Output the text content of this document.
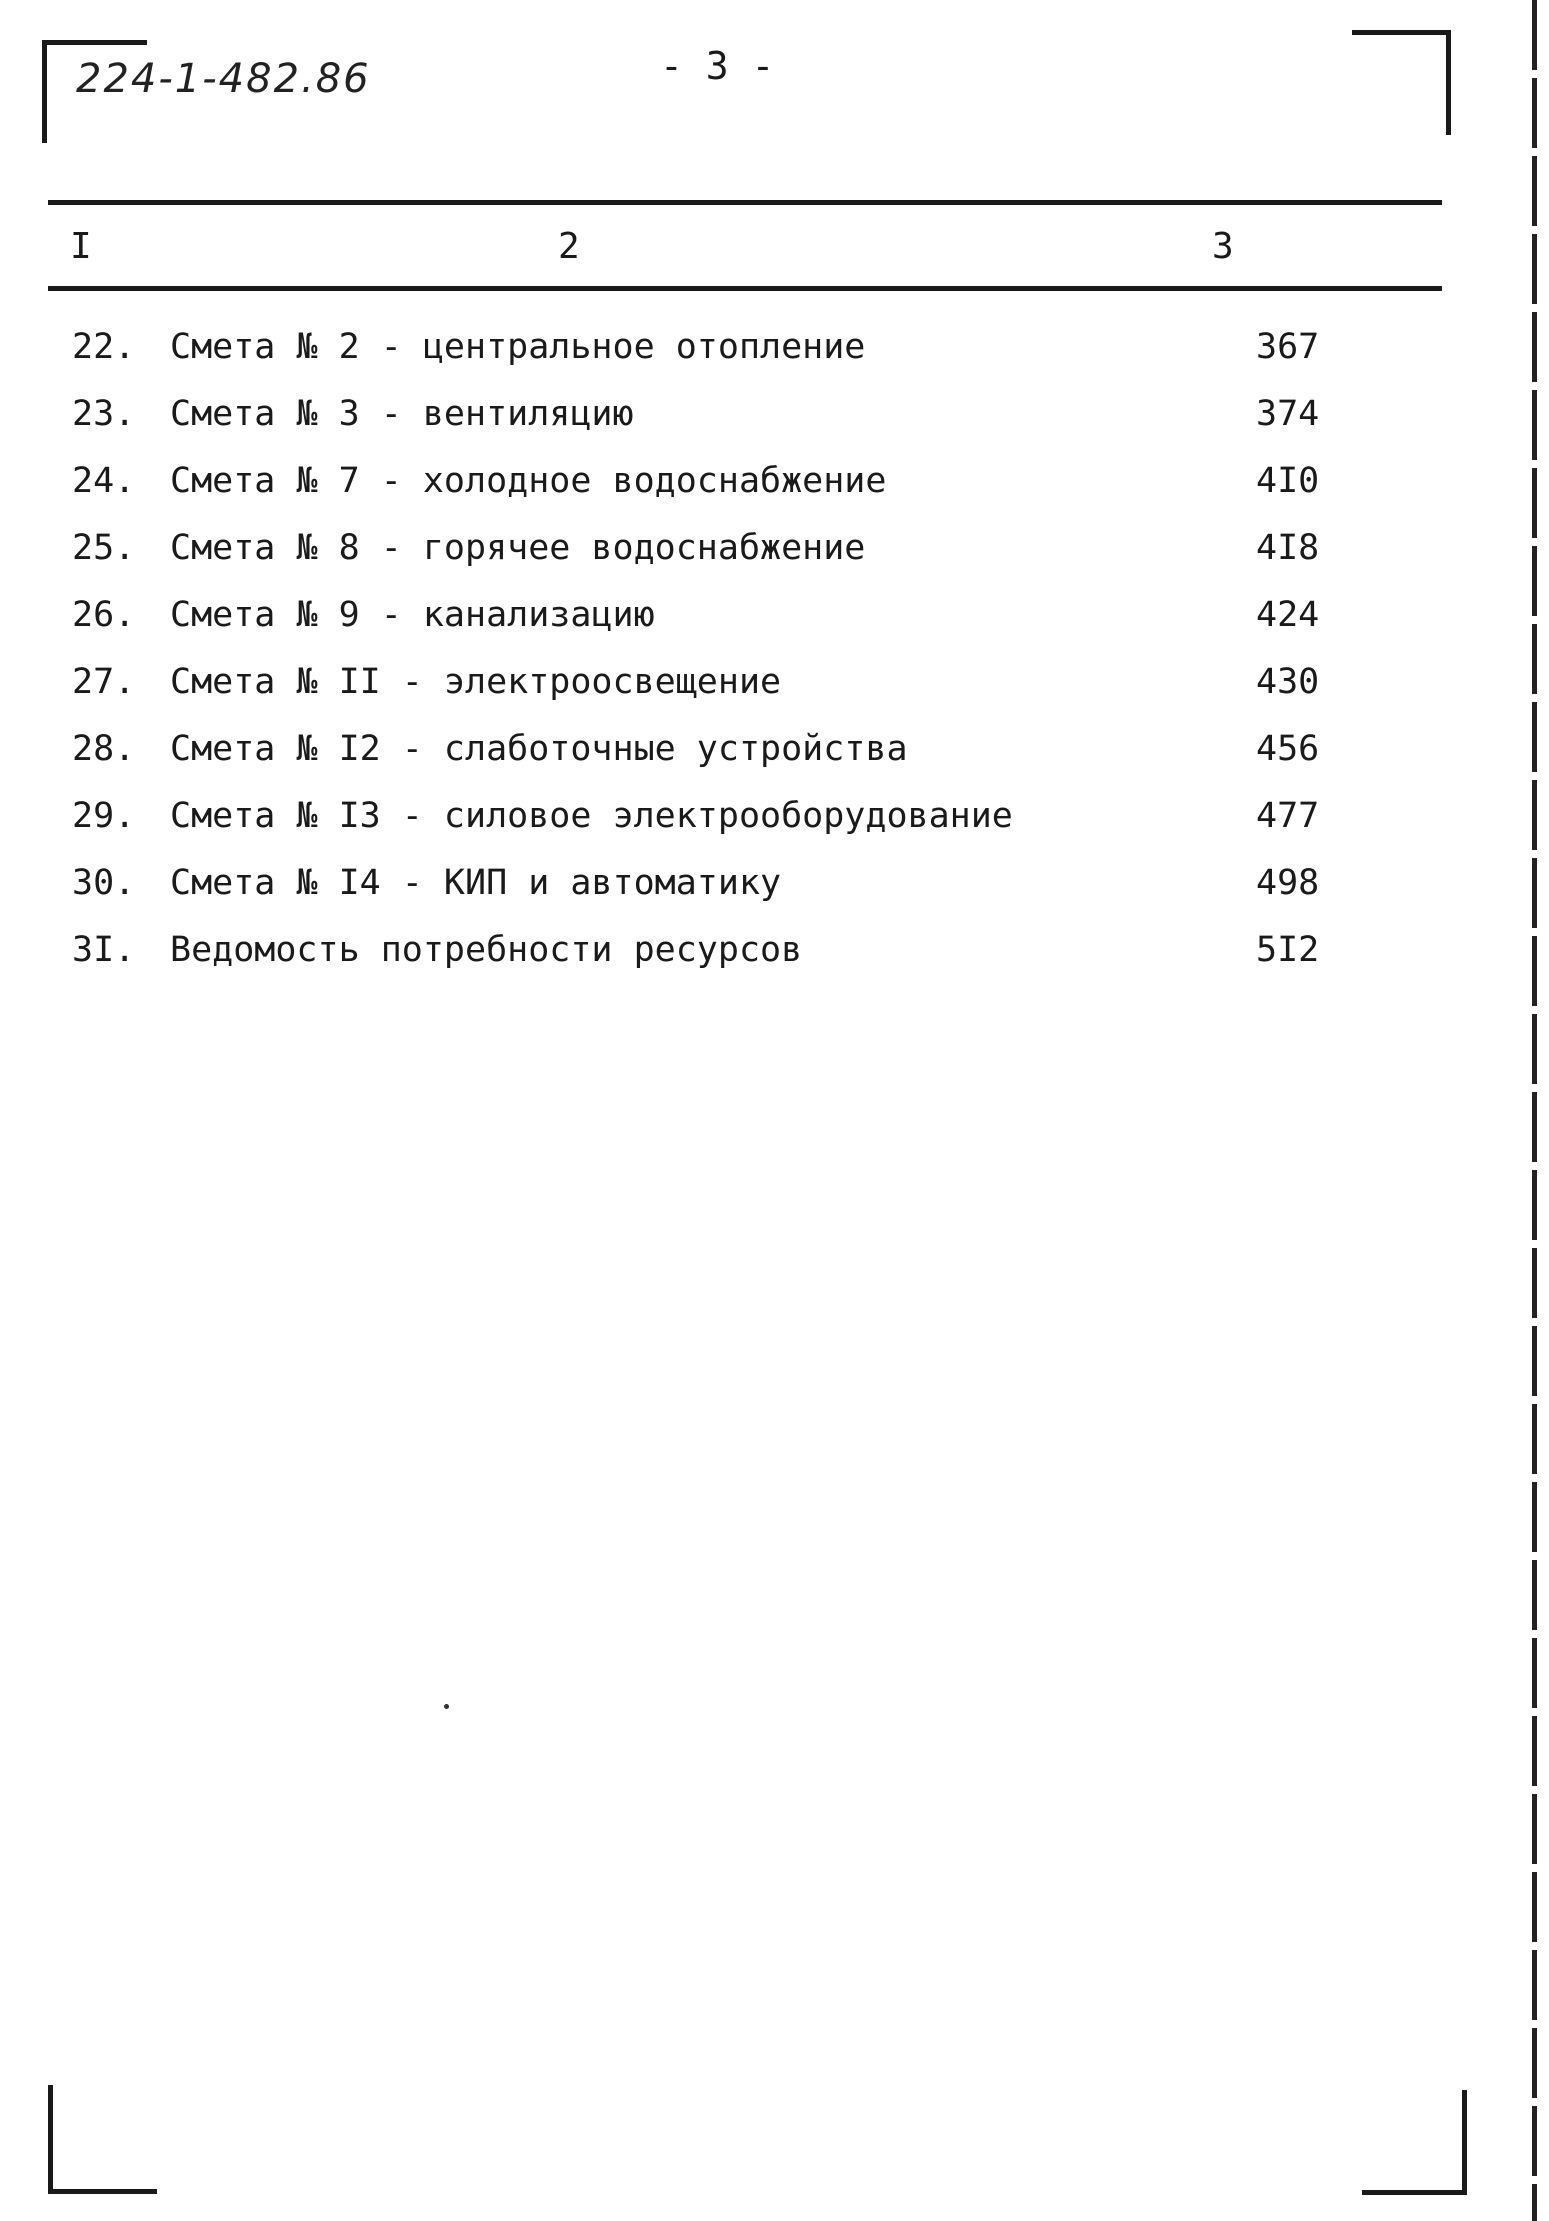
224-1-482.86	- 3 -
I	2	3
22. Смета № 2 - центральное отопление	367
23. Смета № 3 - вентиляцию	374
24. Смета № 7 - холодное водоснабжение	4I0
25. Смета № 8 - горячее водоснабжение	4I8
26. Смета № 9 - канализацию	424
27. Смета № II - электроосвещение	430
28. Смета № I2 - слаботочные устройства	456
29. Смета № I3 - силовое электрооборудование	477
30. Смета № I4 - КИП и автоматику	498
3I. Ведомость потребности ресурсов	5I2
